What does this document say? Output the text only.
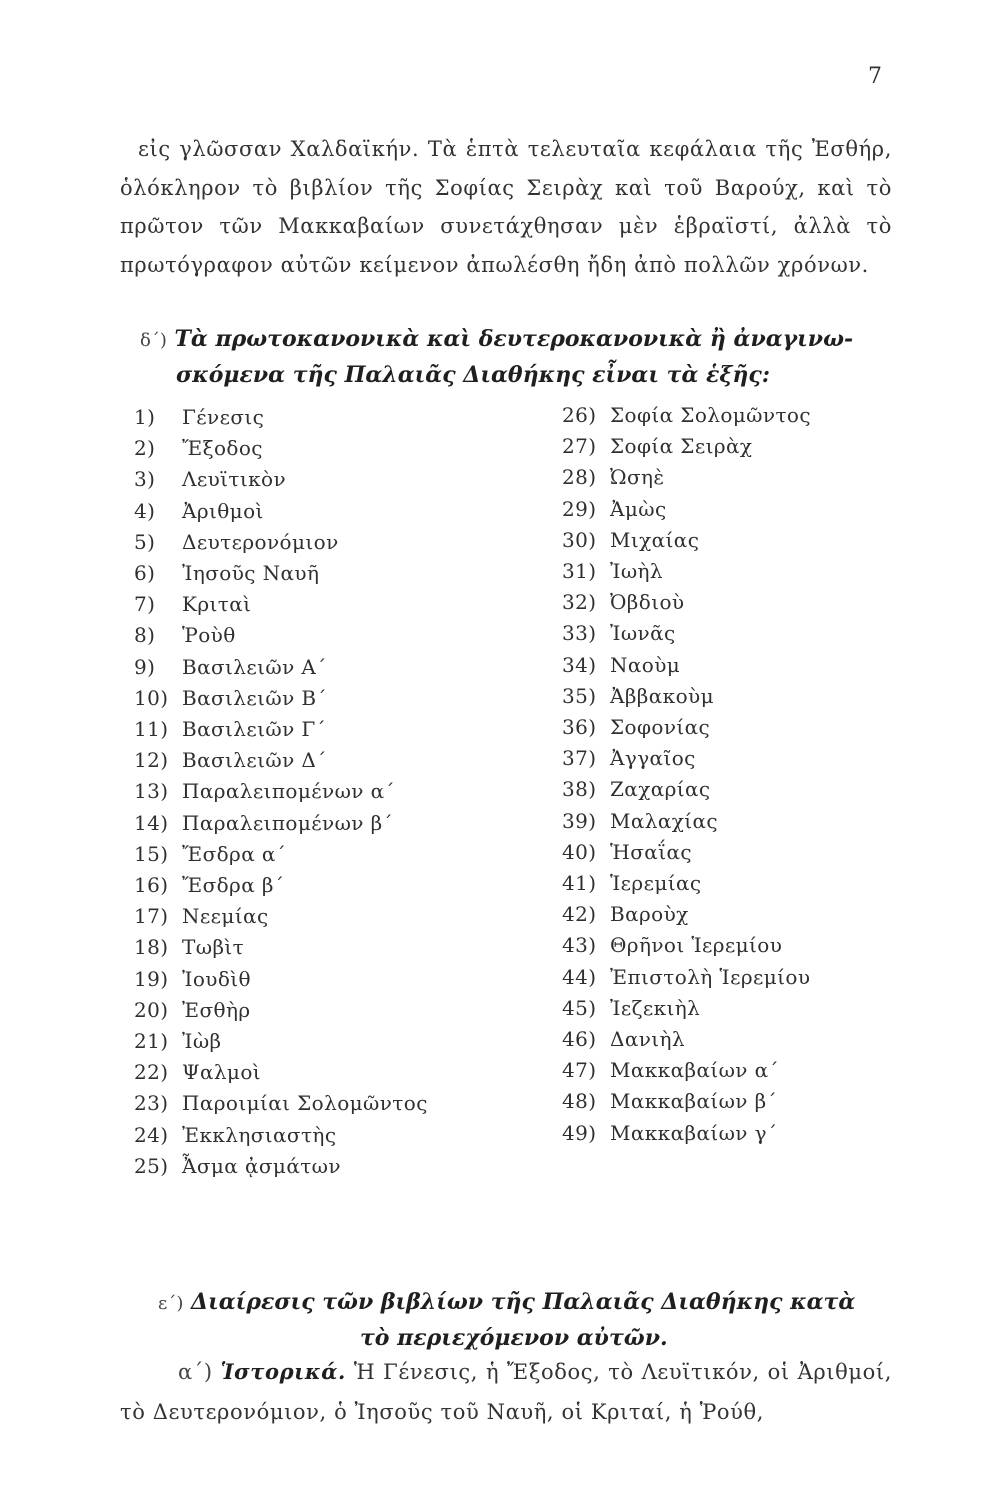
7

εἰς γλῶσσαν Χαλδαϊκήν. Τὰ ἑπτὰ τελευταῖα κεφάλαια τῆς Ἐσθήρ, ὁλόκληρον τὸ βιβλίον τῆς Σοφίας Σειρὰχ καὶ τοῦ Βαρούχ, καὶ τὸ πρῶτον τῶν Μακκαβαίων συνετάχθησαν μὲν ἑβραϊστί, ἀλλὰ τὸ πρωτόγραφον αὐτῶν κείμενον ἀπωλέσθη ἤδη ἀπὸ πολλῶν χρόνων.

δ΄) Τὰ πρωτοκανονικὰ καὶ δευτεροκανονικὰ ἢ ἀναγινω-
σκόμενα τῆς Παλαιᾶς Διαθήκης εἶναι τὰ ἑξῆς:
1) Γένεσις
2) Ἔξοδος
3) Λευϊτικὸν
4) Ἀριθμοὶ
5) Δευτερονόμιον
6) Ἰησοῦς Ναυῆ
7) Κριταὶ
8) Ῥοὺθ
9) Βασιλειῶν Α΄
10) Βασιλειῶν Β΄
11) Βασιλειῶν Γ΄
12) Βασιλειῶν Δ΄
13) Παραλειπομένων α΄
14) Παραλειπομένων β΄
15) Ἔσδρα α΄
16) Ἔσδρα β΄
17) Νεεμίας
18) Τωβὶτ
19) Ἰουδὶθ
20) Ἐσθὴρ
21) Ἰὼβ
22) Ψαλμοὶ
23) Παροιμίαι Σολομῶντος
24) Ἐκκλησιαστὴς
25) Ἆσμα ᾀσμάτων
26) Σοφία Σολομῶντος
27) Σοφία Σειρὰχ
28) Ὠσηὲ
29) Ἀμὼς
30) Μιχαίας
31) Ἰωὴλ
32) Ὀβδιοὺ
33) Ἰωνᾶς
34) Ναοὺμ
35) Ἀββακοὺμ
36) Σοφονίας
37) Ἀγγαῖος
38) Ζαχαρίας
39) Μαλαχίας
40) Ἡσαΐας
41) Ἱερεμίας
42) Βαροὺχ
43) Θρῆνοι Ἱερεμίου
44) Ἐπιστολὴ Ἱερεμίου
45) Ἰεζεκιὴλ
46) Δανιὴλ
47) Μακκαβαίων α΄
48) Μακκαβαίων β΄
49) Μακκαβαίων γ΄
ε΄) Διαίρεσις τῶν βιβλίων τῆς Παλαιᾶς Διαθήκης κατὰ
τὸ περιεχόμενον αὐτῶν.

α΄) Ἱστορικά. Ἡ Γένεσις, ἡ Ἔξοδος, τὸ Λευϊτικόν, οἱ Ἀριθμοί, τὸ Δευτερονόμιον, ὁ Ἰησοῦς τοῦ Ναυῆ, οἱ Κριταί, ἡ Ῥούθ,
